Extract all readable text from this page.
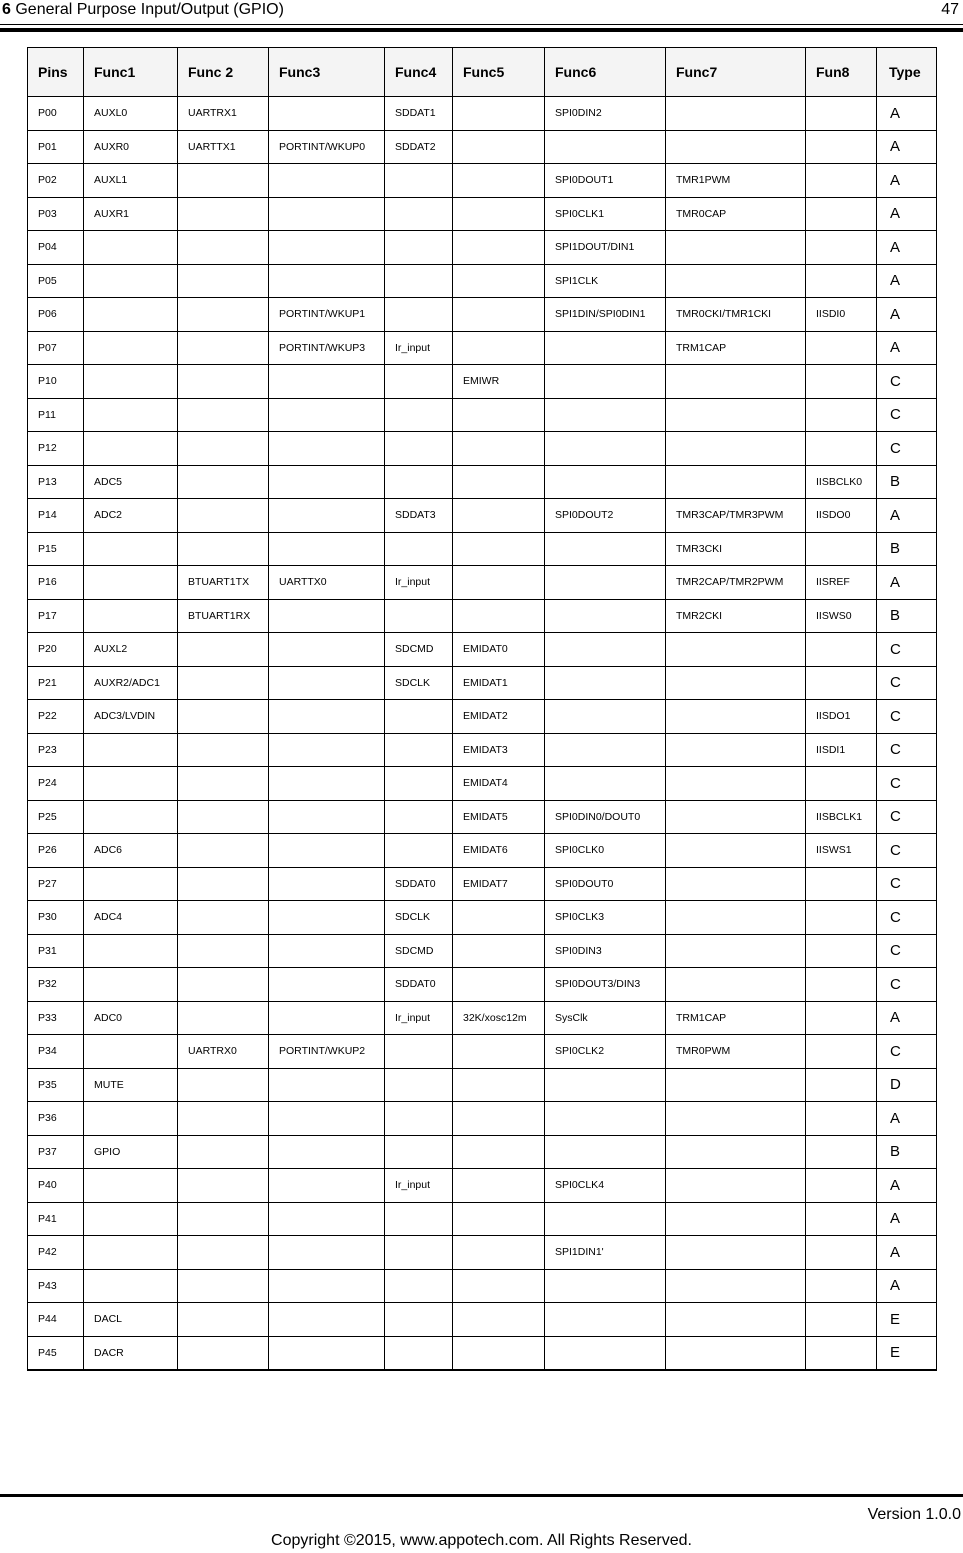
6 General Purpose Input/Output (GPIO)	47
Pins	Func1	Func 2	Func3	Func4	Func5	Func6	Func7	Fun8	Type
P00	AUXL0	UARTRX1		SDDAT1		SPI0DIN2			A
P01	AUXR0	UARTTX1	PORTINT/WKUP0	SDDAT2					A
P02	AUXL1					SPI0DOUT1	TMR1PWM		A
P03	AUXR1					SPI0CLK1	TMR0CAP		A
P04						SPI1DOUT/DIN1			A
P05						SPI1CLK			A
P06			PORTINT/WKUP1			SPI1DIN/SPI0DIN1	TMR0CKI/TMR1CKI	IISDI0	A
P07			PORTINT/WKUP3	Ir_input			TRM1CAP		A
P10					EMIWR				C
P11									C
P12									C
P13	ADC5							IISBCLK0	B
P14	ADC2			SDDAT3		SPI0DOUT2	TMR3CAP/TMR3PWM	IISDO0	A
P15							TMR3CKI		B
P16		BTUART1TX	UARTTX0	Ir_input			TMR2CAP/TMR2PWM	IISREF	A
P17		BTUART1RX					TMR2CKI	IISWS0	B
P20	AUXL2			SDCMD	EMIDAT0				C
P21	AUXR2/ADC1			SDCLK	EMIDAT1				C
P22	ADC3/LVDIN				EMIDAT2			IISDO1	C
P23					EMIDAT3			IISDI1	C
P24					EMIDAT4				C
P25					EMIDAT5	SPI0DIN0/DOUT0		IISBCLK1	C
P26	ADC6				EMIDAT6	SPI0CLK0		IISWS1	C
P27				SDDAT0	EMIDAT7	SPI0DOUT0			C
P30	ADC4			SDCLK		SPI0CLK3			C
P31				SDCMD		SPI0DIN3			C
P32				SDDAT0		SPI0DOUT3/DIN3			C
P33	ADC0			Ir_input	32K/xosc12m	SysClk	TRM1CAP		A
P34		UARTRX0	PORTINT/WKUP2			SPI0CLK2	TMR0PWM		C
P35	MUTE								D
P36									A
P37	GPIO								B
P40				Ir_input		SPI0CLK4			A
P41									A
P42						SPI1DIN1'			A
P43									A
P44	DACL								E
P45	DACR								E
Version 1.0.0
Copyright ©2015, www.appotech.com. All Rights Reserved.
